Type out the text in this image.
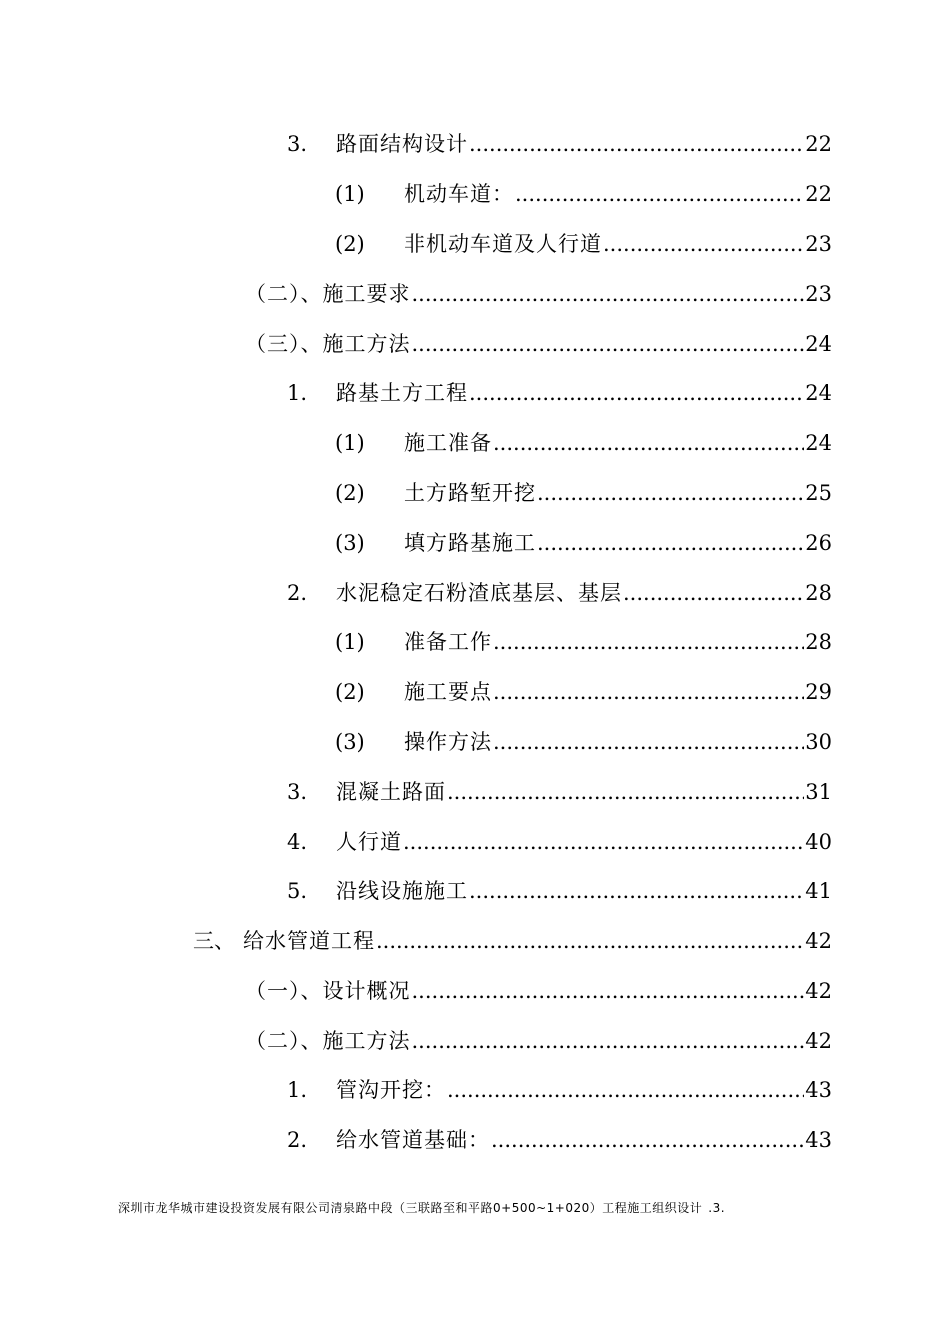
3.	路面结构设计 .....	22
(1)	机动车道： .....	22
(2)	非机动车道及人行道 .....	23
（二）、施工要求 .....	23
（三）、施工方法 .....	24
1.	路基土方工程 .....	24
(1)	施工准备 .....	24
(2)	土方路堑开挖 .....	25
(3)	填方路基施工 .....	26
2.	水泥稳定石粉渣底基层、基层 .....	28
(1)	准备工作 .....	28
(2)	施工要点 .....	29
(3)	操作方法 .....	30
3.	混凝土路面 .....	31
4.	人行道 .....	40
5.	沿线设施施工 .....	41
三、 给水管道工程 .....	42
（一）、设计概况 .....	42
（二）、施工方法 .....	42
1.	管沟开挖： .....	43
2.	给水管道基础： .....	43
深圳市龙华城市建设投资发展有限公司清泉路中段（三联路至和平路0+500~1+020）工程施工组织设计 .3.
